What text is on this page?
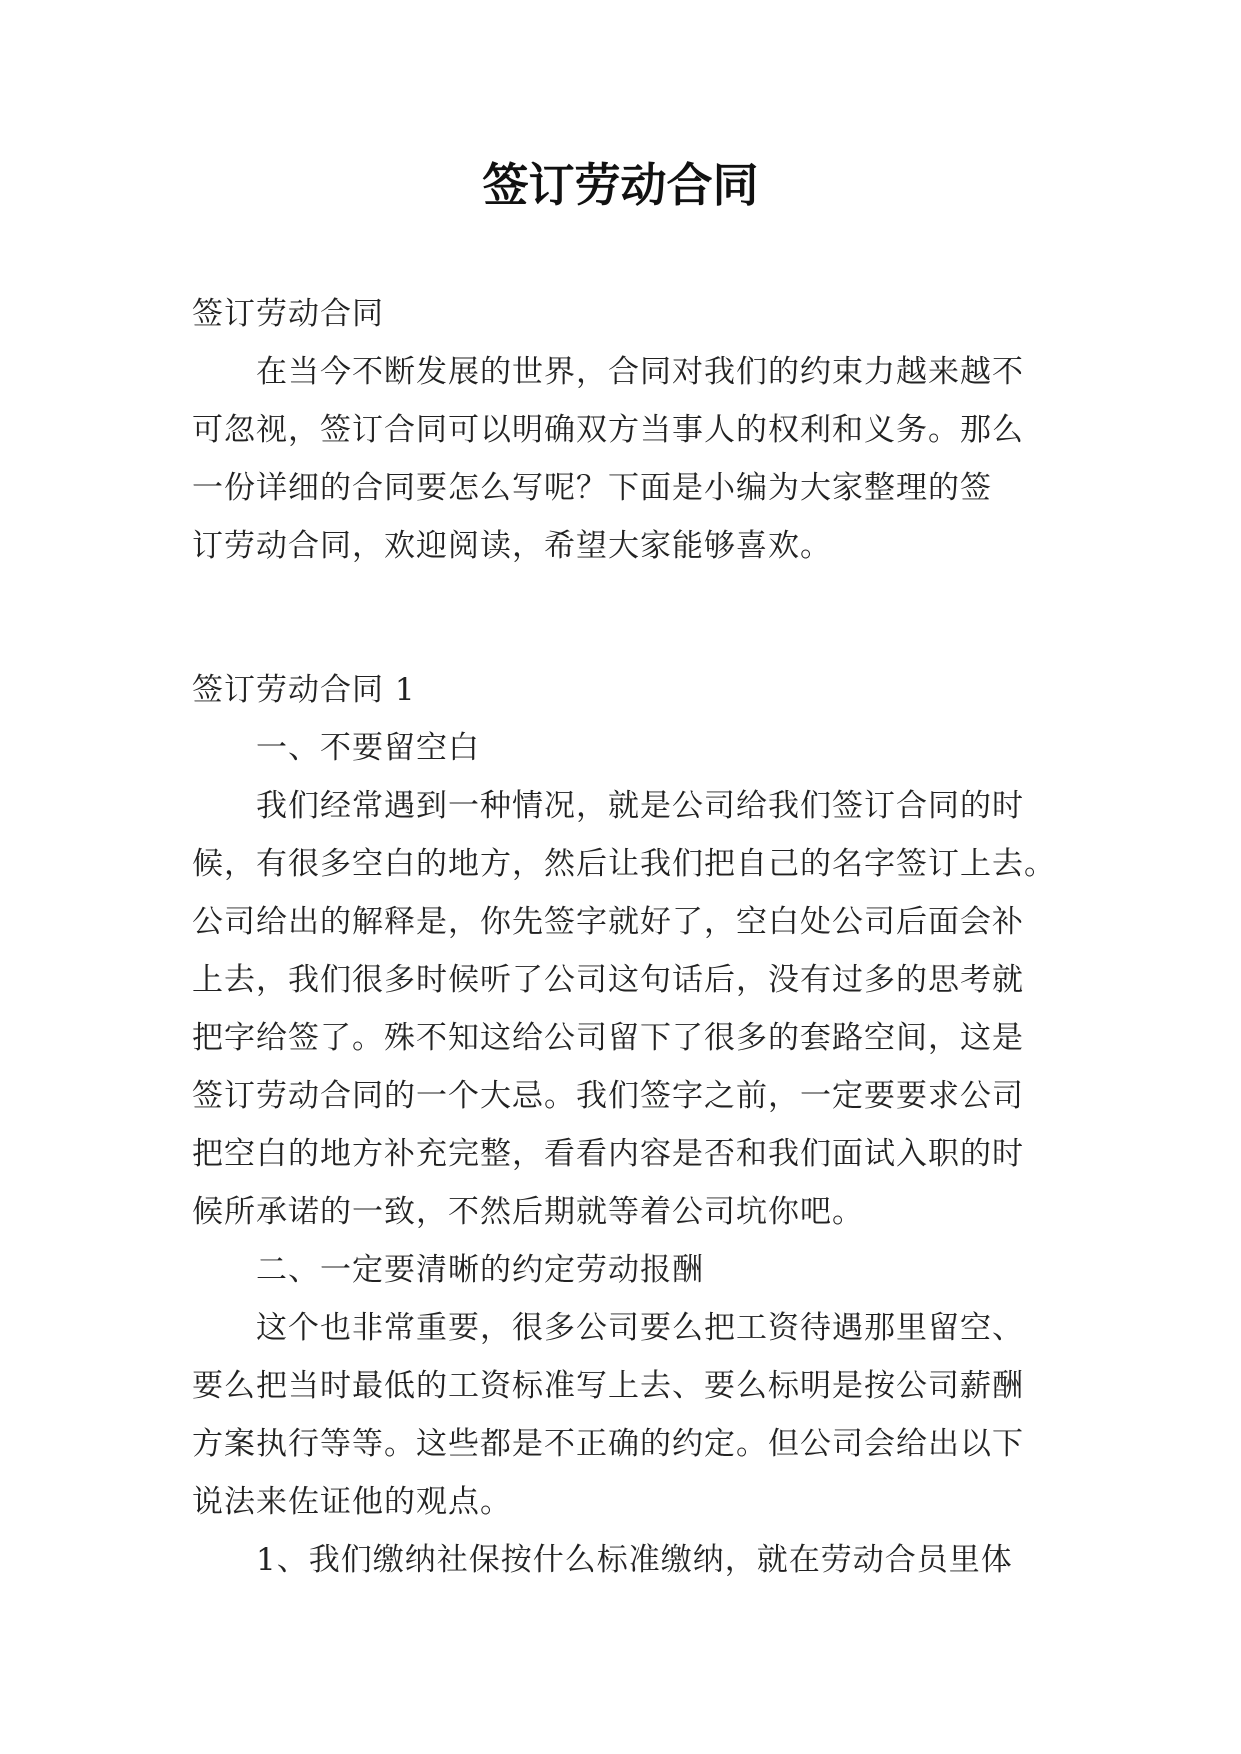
签订劳动合同
签订劳动合同
在当今不断发展的世界，合同对我们的约束力越来越不
可忽视，签订合同可以明确双方当事人的权利和义务。那么
一份详细的合同要怎么写呢？下面是小编为大家整理的签
订劳动合同，欢迎阅读，希望大家能够喜欢。
签订劳动合同 1
一、不要留空白
我们经常遇到一种情况，就是公司给我们签订合同的时
候，有很多空白的地方，然后让我们把自己的名字签订上去。
公司给出的解释是，你先签字就好了，空白处公司后面会补
上去，我们很多时候听了公司这句话后，没有过多的思考就
把字给签了。殊不知这给公司留下了很多的套路空间，这是
签订劳动合同的一个大忌。我们签字之前，一定要要求公司
把空白的地方补充完整，看看内容是否和我们面试入职的时
候所承诺的一致，不然后期就等着公司坑你吧。
二、一定要清晰的约定劳动报酬
这个也非常重要，很多公司要么把工资待遇那里留空、
要么把当时最低的工资标准写上去、要么标明是按公司薪酬
方案执行等等。这些都是不正确的约定。但公司会给出以下
说法来佐证他的观点。
1、我们缴纳社保按什么标准缴纳，就在劳动合员里体
